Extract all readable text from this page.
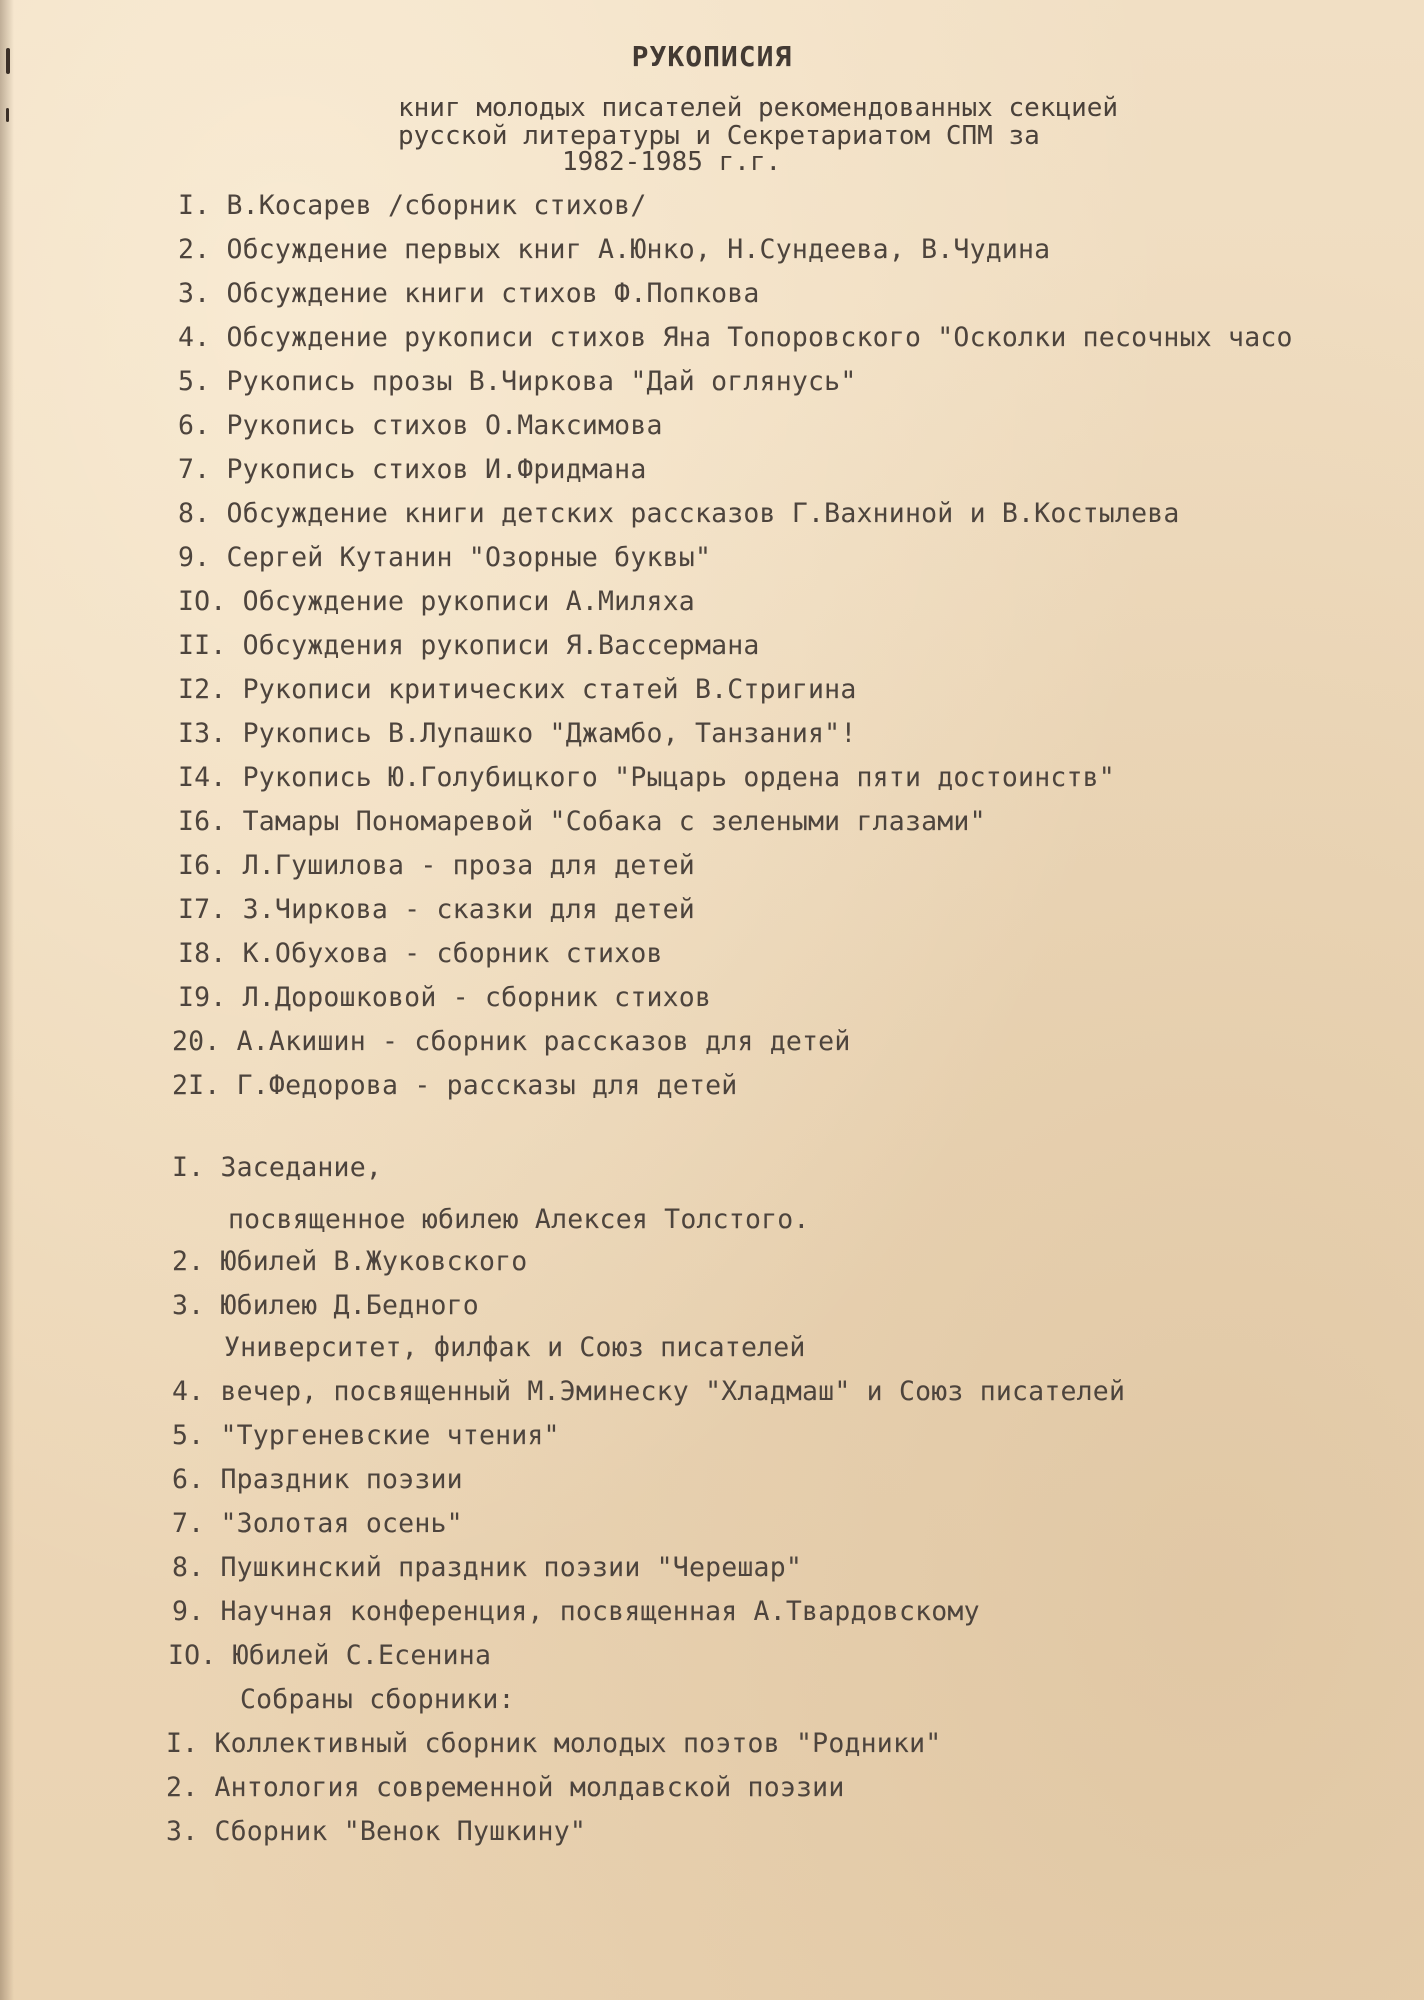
РУКОПИСИЯ
книг молодых писателей рекомендованных секцией
русской литературы и Секретариатом СПМ за
1982-1985 г.г.
I. В.Косарев /сборник стихов/
2. Обсуждение первых книг А.Юнко, Н.Сундеева, В.Чудина
3. Обсуждение книги стихов Ф.Попкова
4. Обсуждение рукописи стихов Яна Топоровского "Осколки песочных часо
5. Рукопись прозы В.Чиркова "Дай оглянусь"
6. Рукопись стихов О.Максимова
7. Рукопись стихов И.Фридмана
8. Обсуждение книги детских рассказов Г.Вахниной и В.Костылева
9. Сергей Кутанин "Озорные буквы"
IO. Обсуждение рукописи А.Миляха
II. Обсуждения рукописи Я.Вассермана
I2. Рукописи критических статей В.Стригина
I3. Рукопись В.Лупашко "Джамбо, Танзания"!
I4. Рукопись Ю.Голубицкого "Рыцарь ордена пяти достоинств"
I6. Тамары Пономаревой "Собака с зелеными глазами"
I6. Л.Гушилова - проза для детей
I7. З.Чиркова - сказки для детей
I8. К.Обухова - сборник стихов
I9. Л.Дорошковой - сборник стихов
20. А.Акишин - сборник рассказов для детей
2I. Г.Федорова - рассказы для детей
I. Заседание,
посвященное юбилею Алексея Толстого.
2. Юбилей В.Жуковского
3. Юбилею Д.Бедного
Университет, филфак и Союз писателей
4. вечер, посвященный М.Эминеску "Хладмаш" и Союз писателей
5. "Тургеневские чтения"
6. Праздник поэзии
7. "Золотая осень"
8. Пушкинский праздник поэзии "Черешар"
9. Научная конференция, посвященная А.Твардовскому
IO. Юбилей С.Есенина
Собраны сборники:
I. Коллективный сборник молодых поэтов "Родники"
2. Антология современной молдавской поэзии
3. Сборник "Венок Пушкину"
